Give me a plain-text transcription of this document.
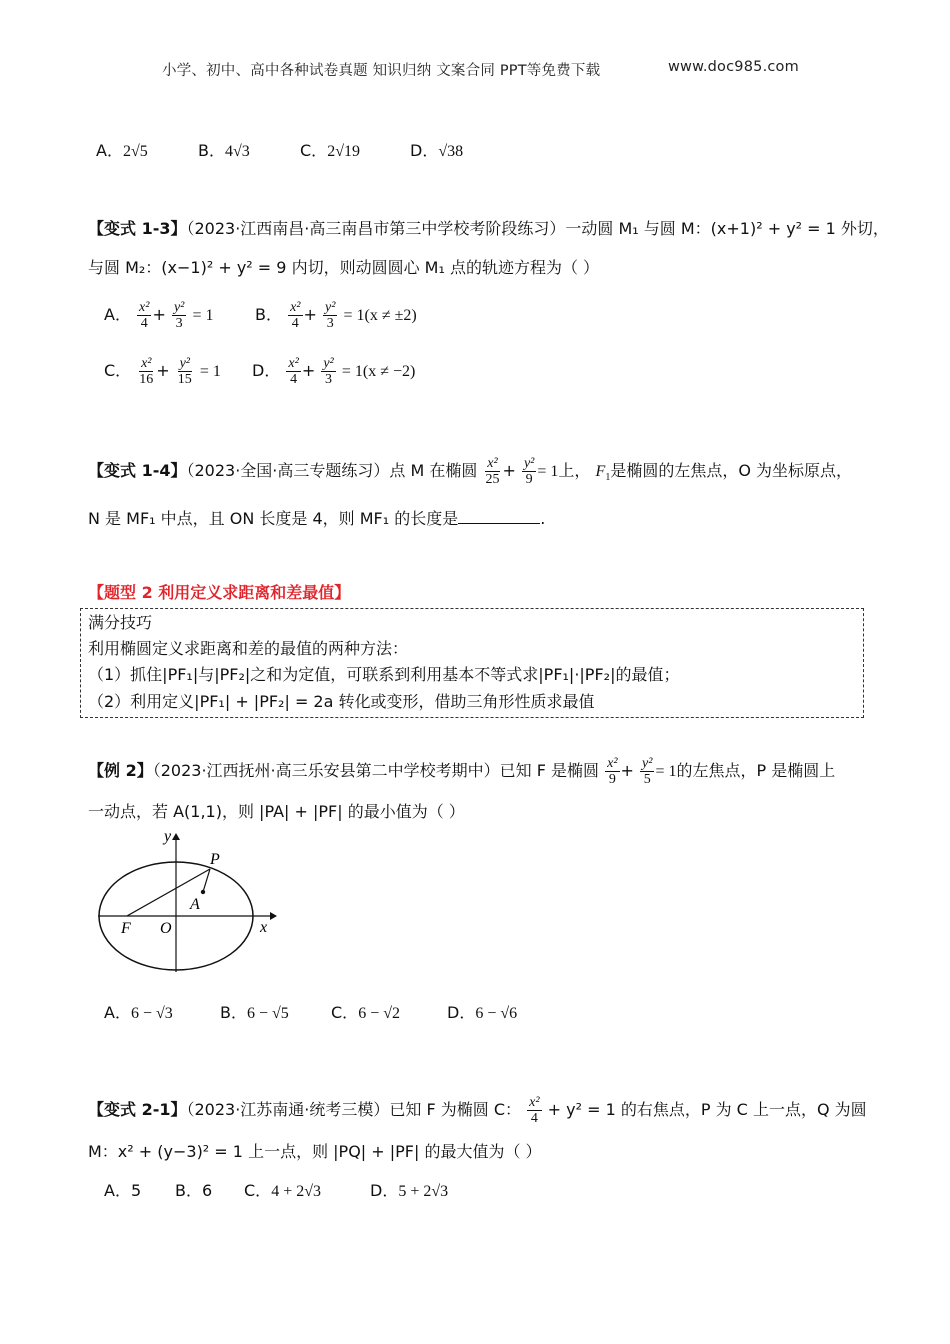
小学、初中、高中各种试卷真题 知识归纳 文案合同 PPT等免费下载	www.doc985.com
A．2√5	B．4√3	C．2√19	D．√38
【变式 1-3】（2023·江西南昌·高三南昌市第三中学校考阶段练习）一动圆 M₁ 与圆 M：(x+1)² + y² = 1 外切，
与圆 M₂：(x−1)² + y² = 9 内切，则动圆圆心 M₁ 点的轨迹方程为（ ）
A． $\frac{\text{x²}}{4} + \frac{\text{y²}}{3} = 1$	B． $\frac{\text{x²}}{4} + \frac{\text{y²}}{3} = 1(x \ne \pm 2)$
C． $\frac{\text{x²}}{16} + \frac{\text{y²}}{15} = 1$ D． $\frac{\text{x²}}{4} + \frac{\text{y²}}{3} = 1(x \ne -2)$
【变式 1-4】（2023·全国·高三专题练习）点 M 在椭圆 $\frac{\text{x²}}{25} + \frac{\text{y²}}{9} = 1$上， $F_1$是椭圆的左焦点，O 为坐标原点，
N 是 MF₁ 中点，且 ON 长度是 4，则 MF₁ 的长度是	.
【题型 2 利用定义求距离和差最值】
满分技巧
利用椭圆定义求距离和差的最值的两种方法：
（1）抓住|PF₁|与|PF₂|之和为定值，可联系到利用基本不等式求|PF₁|·|PF₂|的最值；
（2）利用定义|PF₁| + |PF₂| = 2a 转化或变形，借助三角形性质求最值
【例 2】（2023·江西抚州·高三乐安县第二中学校考期中）已知 F 是椭圆 $\frac{\text{x²}}{9} + \frac{\text{y²}}{5} = 1$的左焦点，P 是椭圆上
一动点，若 A(1,1)，则 |PA| + |PF| 的最小值为（ ）
y
x
P
A
F O
A．6 − √3	B．6 − √5	C．6 − √2	D．6 − √6
【变式 2-1】（2023·江苏南通·统考三模）已知 F 为椭圆 C： $\frac{\text{x²}}{4} + y^2 = 1$ 的右焦点，P 为 C 上一点，Q 为圆
M：x² + (y−3)² = 1 上一点，则 |PQ| + |PF| 的最大值为（ ）
A．5 B．6 C．4 + 2√3	D．5 + 2√3
